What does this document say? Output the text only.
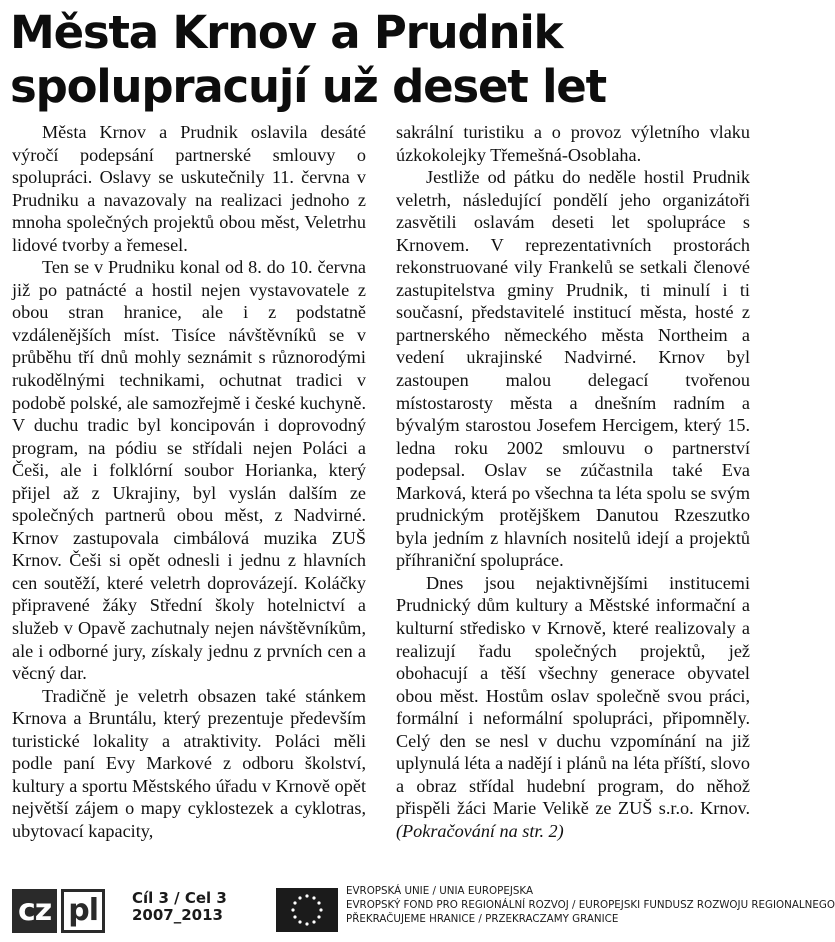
Města Krnov a Prudnik
spolupracují už deset let

Města Krnov a Prudnik oslavila desáté výročí podepsání partnerské smlouvy o spolupráci. Oslavy se uskutečnily 11. června v Prudniku a navazovaly na realizaci jednoho z mnoha společných projektů obou měst, Veletrhu lidové tvorby a řemesel.

Ten se v Prudniku konal od 8. do 10. června již po patnácté a hostil nejen vystavovatele z obou stran hranice, ale i z podstatně vzdálenějších míst. Tisíce návštěvníků se v průběhu tří dnů mohly seznámit s různorodými rukodělnými technikami, ochutnat tradici v podobě polské, ale samozřejmě i české kuchyně. V duchu tradic byl koncipován i doprovodný program, na pódiu se střídali nejen Poláci a Češi, ale i folklórní soubor Horianka, který přijel až z Ukrajiny, byl vyslán dalším ze společných partnerů obou měst, z Nadvirné. Krnov zastupovala cimbálová muzika ZUŠ Krnov. Češi si opět odnesli i jednu z hlavních cen soutěží, které veletrh doprovázejí. Koláčky připravené žáky Střední školy hotelnictví a služeb v Opavě zachutnaly nejen návštěvníkům, ale i odborné jury, získaly jednu z prvních cen a věcný dar.

Tradičně je veletrh obsazen také stánkem Krnova a Bruntálu, který prezentuje především turistické lokality a atraktivity. Poláci měli podle paní Evy Markové z odboru školství, kultury a sportu Městského úřadu v Krnově opět největší zájem o mapy cyklostezek a cyklotras, ubytovací kapacity,

sakrální turistiku a o provoz výletního vlaku úzkokolejky Třemešná-Osoblaha.

Jestliže od pátku do neděle hostil Prudnik veletrh, následující pondělí jeho organizátoři zasvětili oslavám deseti let spolupráce s Krnovem. V reprezentativních prostorách rekonstruované vily Frankelů se setkali členové zastupitelstva gminy Prudnik, ti minulí i ti současní, představitelé institucí města, hosté z partnerského německého města Northeim a vedení ukrajinské Nadvirné. Krnov byl zastoupen malou delegací tvořenou místostarosty města a dnešním radním a bývalým starostou Josefem Hercigem, který 15. ledna roku 2002 smlouvu o partnerství podepsal. Oslav se zúčastnila také Eva Marková, která po všechna ta léta spolu se svým prudnickým protějškem Danutou Rzeszutko byla jedním z hlavních nositelů idejí a projektů příhraniční spolupráce.

Dnes jsou nejaktivnějšími institucemi Prudnický dům kultury a Městské informační a kulturní středisko v Krnově, které realizovaly a realizují řadu společných projektů, jež obohacují a těší všechny generace obyvatel obou měst. Hostům oslav společně svou práci, formální i neformální spolupráci, připomněly. Celý den se nesl v duchu vzpomínání na již uplynulá léta a nadějí i plánů na léta příští, slovo a obraz střídal hudební program, do něhož přispěli žáci Marie Velikě ze ZUŠ s.r.o. Krnov. (Pokračování na str. 2)

cz pl	Cíl 3 / Cel 3
2007_2013
EVROPSKÁ UNIE / UNIA EUROPEJSKA
EVROPSKÝ FOND PRO REGIONÁLNÍ ROZVOJ / EUROPEJSKI FUNDUSZ ROZWOJU REGIONALNEGO
PŘEKRAČUJEME HRANICE / PRZEKRACZAMY GRANICE
